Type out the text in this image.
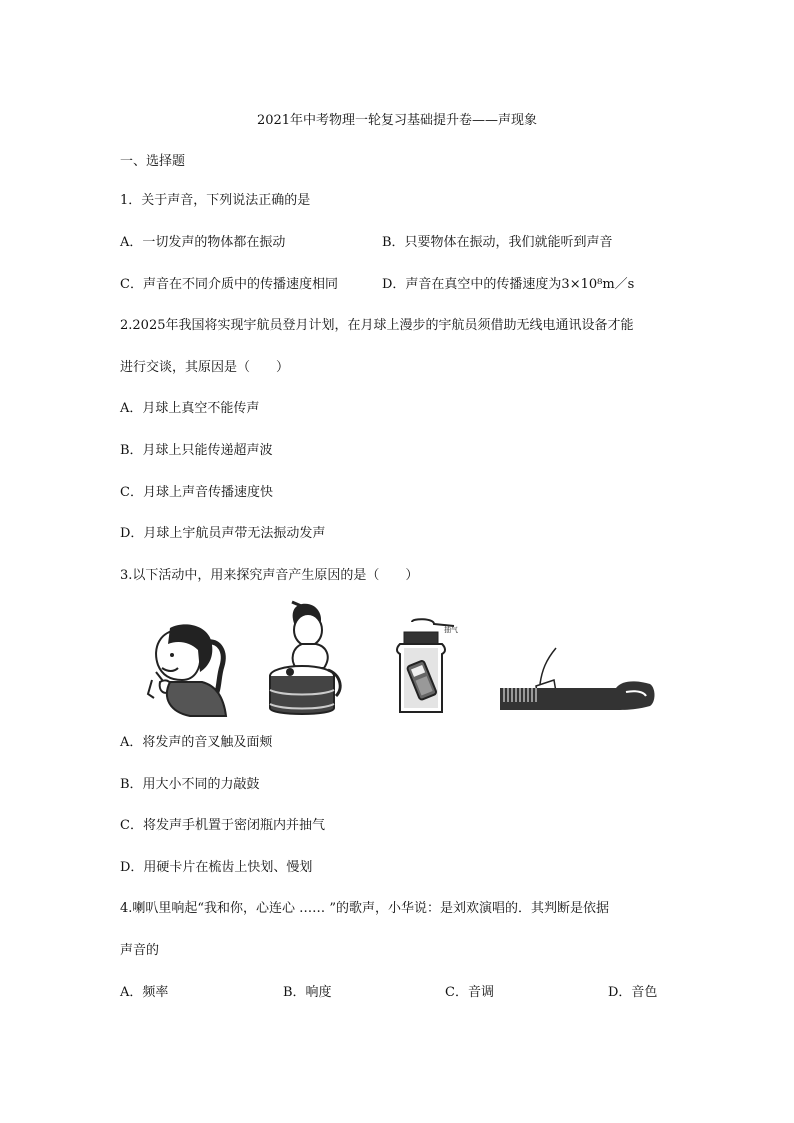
2021年中考物理一轮复习基础提升卷——声现象
一、选择题
1．关于声音，下列说法正确的是
A．一切发声的物体都在振动	B．只要物体在振动，我们就能听到声音
C．声音在不同介质中的传播速度相同	D．声音在真空中的传播速度为3×10⁸m／s
2.2025年我国将实现宇航员登月计划，在月球上漫步的宇航员须借助无线电通讯设备才能
进行交谈，其原因是（　　）
A．月球上真空不能传声
B．月球上只能传递超声波
C．月球上声音传播速度快
D．月球上宇航员声带无法振动发声
3.以下活动中，用来探究声音产生原因的是（　　）
抽气
A．将发声的音叉触及面颊
B．用大小不同的力敲鼓
C．将发声手机置于密闭瓶内并抽气
D．用硬卡片在梳齿上快划、慢划
4.喇叭里响起“我和你，心连心 …… ”的歌声，小华说：是刘欢演唱的．其判断是依据
声音的
A．频率	B．响度	C．音调	D．音色
